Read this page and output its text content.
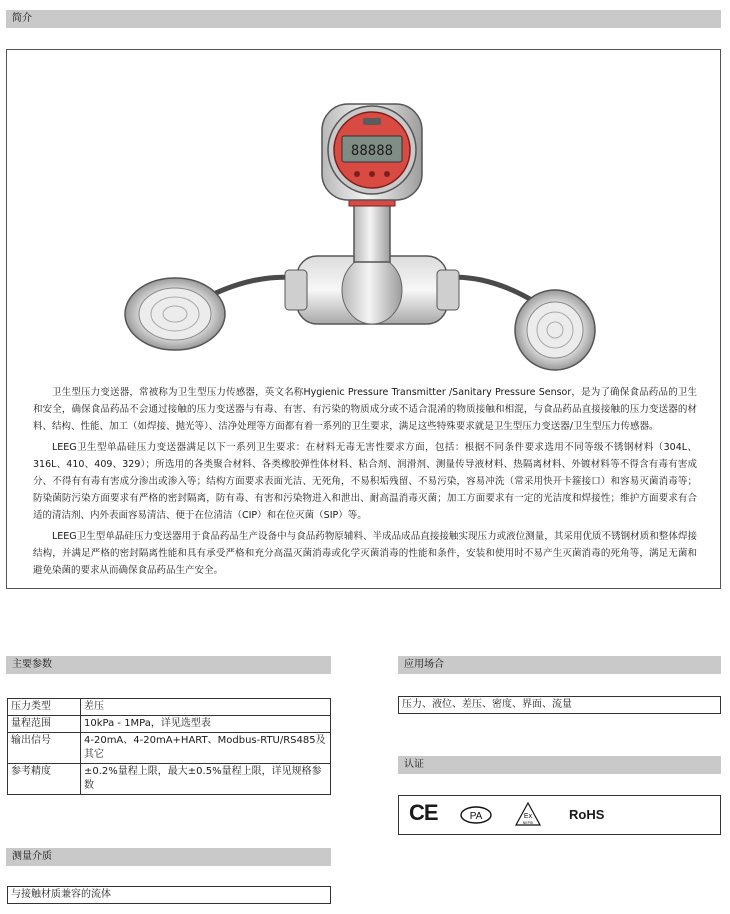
简介
88888

卫生型压力变送器，常被称为卫生型压力传感器，英文名称Hygienic Pressure Transmitter /Sanitary Pressure Sensor，是为了确保食品药品的卫生和安全，确保食品药品不会通过接触的压力变送器与有毒、有害、有污染的物质成分或不适合混淆的物质接触和相混，与食品药品直接接触的压力变送器的材料、结构、性能、加工（如焊接、抛光等）、洁净处理等方面都有着一系列的卫生要求，满足这些特殊要求就是卫生型压力变送器/卫生型压力传感器。

LEEG卫生型单晶硅压力变送器满足以下一系列卫生要求：在材料无毒无害性要求方面，包括：根据不同条件要求选用不同等级不锈钢材料（304L、316L、410、409、329）；所选用的各类聚合材料、各类橡胶弹性体材料、粘合剂、润滑剂、测量传导液材料、热隔离材料、外镀材料等不得含有毒有害成分、不得有有毒有害成分渗出或渗入等；结构方面要求表面光洁、无死角，不易积垢残留、不易污染，容易冲洗（常采用快开卡箍接口）和容易灭菌消毒等；防染菌防污染方面要求有严格的密封隔离，防有毒、有害和污染物进入和泄出、耐高温消毒灭菌；加工方面要求有一定的光洁度和焊接性；维护方面要求有合适的清洁剂、内外表面容易清洁、便于在位清洁（CIP）和在位灭菌（SIP）等。

LEEG卫生型单晶硅压力变送器用于食品药品生产设备中与食品药物原辅料、半成品成品直接接触实现压力或液位测量，其采用优质不锈钢材质和整体焊接结构，并满足严格的密封隔离性能和具有承受严格和充分高温灭菌消毒或化学灭菌消毒的性能和条件，安装和使用时不易产生灭菌消毒的死角等，满足无菌和避免染菌的要求从而确保食品药品生产安全。

主要参数
压力类型	差压
量程范围	10kPa - 1MPa，详见选型表
输出信号	4-20mA、4-20mA+HART、Modbus-RTU/RS485及其它
参考精度	±0.2%量程上限，最大±0.5%量程上限，详见规格参数
测量介质
与接触材质兼容的流体
应用场合
压力、液位、差压、密度、界面、流量
认证
CE	PA	Ex
NEPSI
RoHS
